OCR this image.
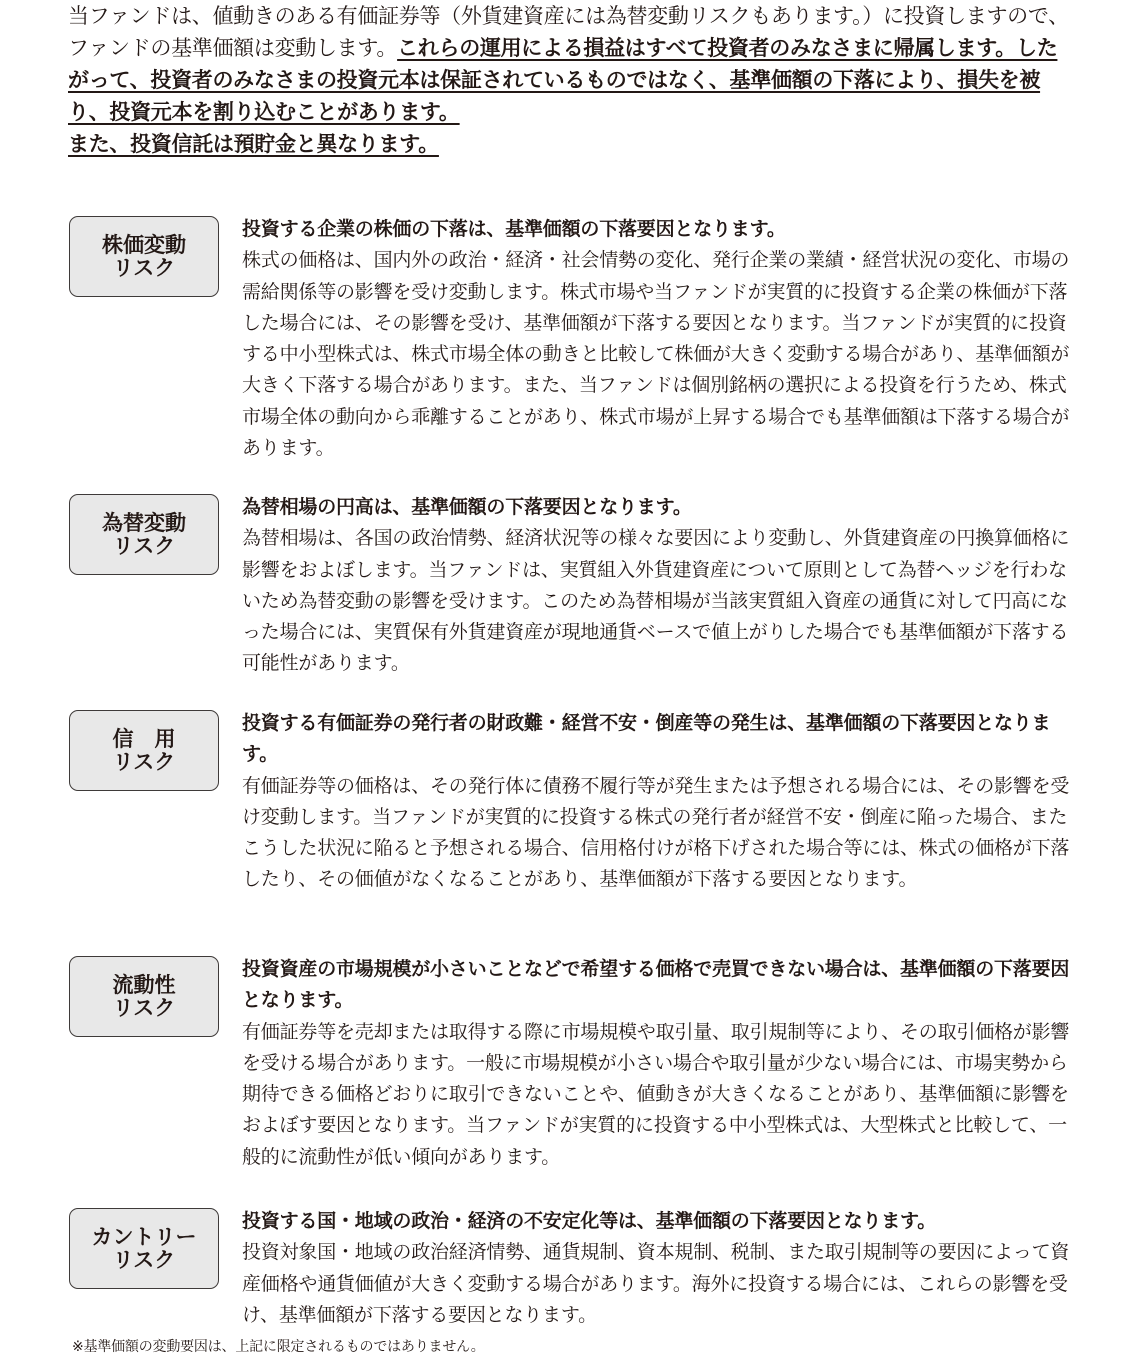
当ファンドは、値動きのある有価証券等（外貨建資産には為替変動リスクもあります。）に投資しますので、ファンドの基準価額は変動します。これらの運用による損益はすべて投資者のみなさまに帰属します。したがって、投資者のみなさまの投資元本は保証されているものではなく、基準価額の下落により、損失を被り、投資元本を割り込むことがあります。
また、投資信託は預貯金と異なります。
株価変動
リスク
投資する企業の株価の下落は、基準価額の下落要因となります。
株式の価格は、国内外の政治・経済・社会情勢の変化、発行企業の業績・経営状況の変化、市場の需給関係等の影響を受け変動します。株式市場や当ファンドが実質的に投資する企業の株価が下落した場合には、その影響を受け、基準価額が下落する要因となります。当ファンドが実質的に投資する中小型株式は、株式市場全体の動きと比較して株価が大きく変動する場合があり、基準価額が大きく下落する場合があります。また、当ファンドは個別銘柄の選択による投資を行うため、株式市場全体の動向から乖離することがあり、株式市場が上昇する場合でも基準価額は下落する場合があります。
為替変動
リスク
為替相場の円高は、基準価額の下落要因となります。
為替相場は、各国の政治情勢、経済状況等の様々な要因により変動し、外貨建資産の円換算価格に影響をおよぼします。当ファンドは、実質組入外貨建資産について原則として為替ヘッジを行わないため為替変動の影響を受けます。このため為替相場が当該実質組入資産の通貨に対して円高になった場合には、実質保有外貨建資産が現地通貨ベースで値上がりした場合でも基準価額が下落する可能性があります。
信　用
リスク
投資する有価証券の発行者の財政難・経営不安・倒産等の発生は、基準価額の下落要因となります。
有価証券等の価格は、その発行体に債務不履行等が発生または予想される場合には、その影響を受け変動します。当ファンドが実質的に投資する株式の発行者が経営不安・倒産に陥った場合、またこうした状況に陥ると予想される場合、信用格付けが格下げされた場合等には、株式の価格が下落したり、その価値がなくなることがあり、基準価額が下落する要因となります。
流動性
リスク
投資資産の市場規模が小さいことなどで希望する価格で売買できない場合は、基準価額の下落要因となります。
有価証券等を売却または取得する際に市場規模や取引量、取引規制等により、その取引価格が影響を受ける場合があります。一般に市場規模が小さい場合や取引量が少ない場合には、市場実勢から期待できる価格どおりに取引できないことや、値動きが大きくなることがあり、基準価額に影響をおよぼす要因となります。当ファンドが実質的に投資する中小型株式は、大型株式と比較して、一般的に流動性が低い傾向があります。
カントリー
リスク
投資する国・地域の政治・経済の不安定化等は、基準価額の下落要因となります。
投資対象国・地域の政治経済情勢、通貨規制、資本規制、税制、また取引規制等の要因によって資産価格や通貨価値が大きく変動する場合があります。海外に投資する場合には、これらの影響を受け、基準価額が下落する要因となります。
※基準価額の変動要因は、上記に限定されるものではありません。
